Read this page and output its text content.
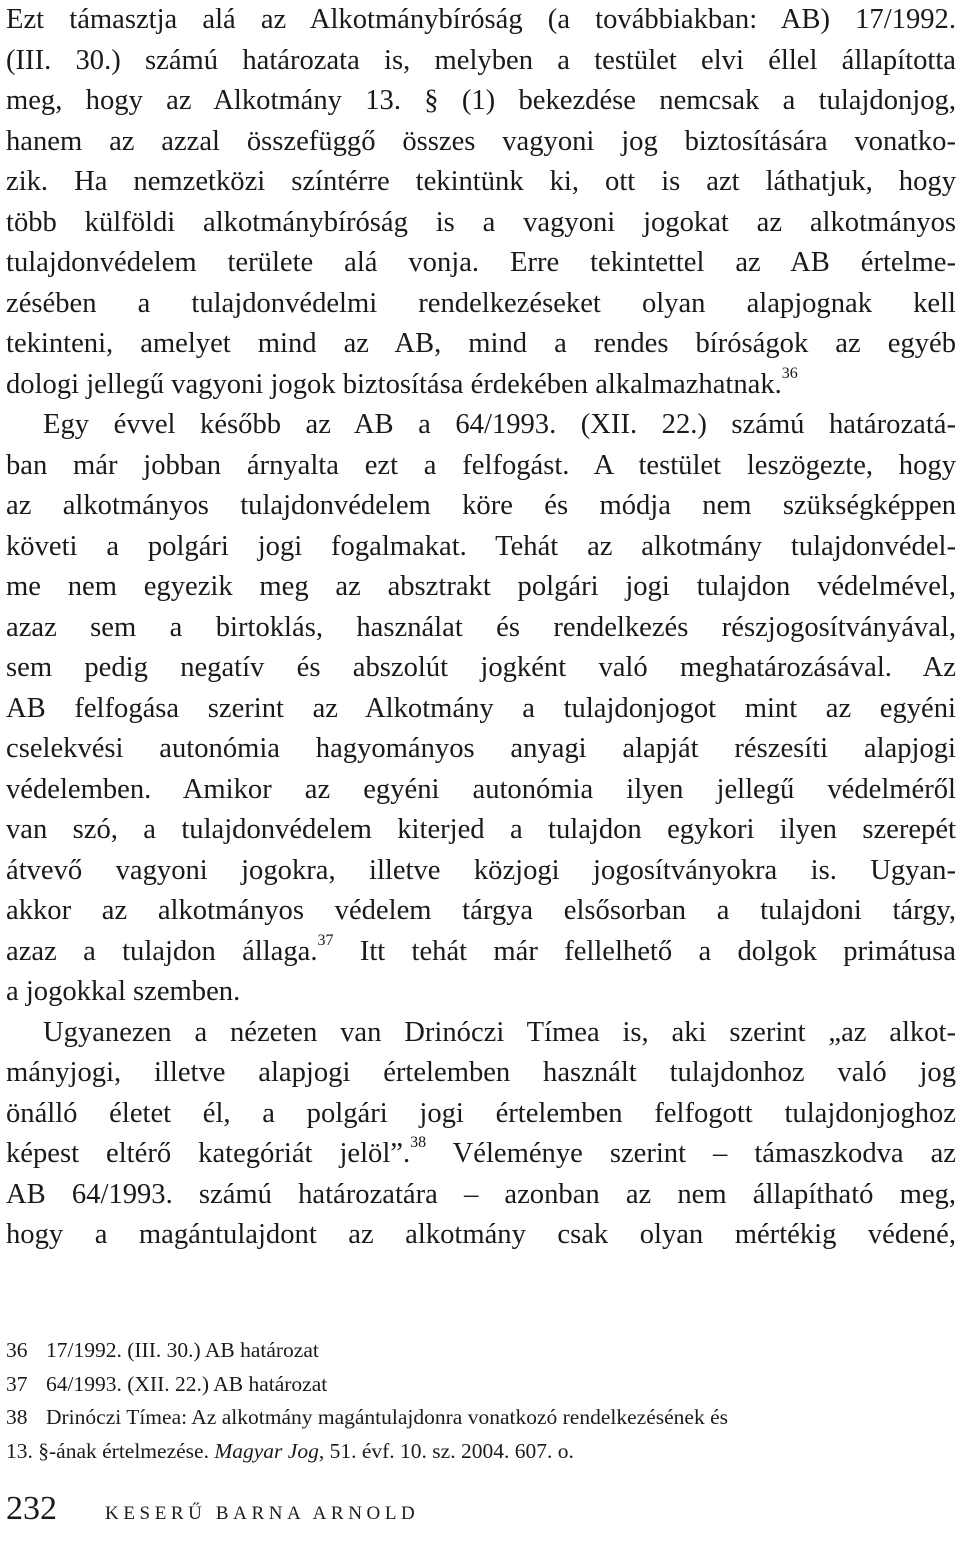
Ezt támasztja alá az Alkotmánybíróság (a továbbiakban: AB) 17/1992.
(III. 30.) számú határozata is, melyben a testület elvi éllel állapította
meg, hogy az Alkotmány 13. § (1) bekezdése nemcsak a tulajdonjog,
hanem az azzal összefüggő összes vagyoni jog biztosítására vonatko-
zik. Ha nemzetközi színtérre tekintünk ki, ott is azt láthatjuk, hogy
több külföldi alkotmánybíróság is a vagyoni jogokat az alkotmányos
tulajdonvédelem területe alá vonja. Erre tekintettel az AB értelme-
zésében a tulajdonvédelmi rendelkezéseket olyan alapjognak kell
tekinteni, amelyet mind az AB, mind a rendes bíróságok az egyéb
dologi jellegű vagyoni jogok biztosítása érdekében alkalmazhatnak.$^{36}$
Egy évvel később az AB a 64/1993. (XII. 22.) számú határozatá-
ban már jobban árnyalta ezt a felfogást. A testület leszögezte, hogy
az alkotmányos tulajdonvédelem köre és módja nem szükségképpen
követi a polgári jogi fogalmakat. Tehát az alkotmány tulajdonvédel-
me nem egyezik meg az absztrakt polgári jogi tulajdon védelmével,
azaz sem a birtoklás, használat és rendelkezés részjogosítványával,
sem pedig negatív és abszolút jogként való meghatározásával. Az
AB felfogása szerint az Alkotmány a tulajdonjogot mint az egyéni
cselekvési autonómia hagyományos anyagi alapját részesíti alapjogi
védelemben. Amikor az egyéni autonómia ilyen jellegű védelméről
van szó, a tulajdonvédelem kiterjed a tulajdon egykori ilyen szerepét
átvevő vagyoni jogokra, illetve közjogi jogosítványokra is. Ugyan-
akkor az alkotmányos védelem tárgya elsősorban a tulajdoni tárgy,
azaz a tulajdon állaga.$^{37}$ Itt tehát már fellelhető a dolgok primátusa
a jogokkal szemben.

Ugyanezen a nézeten van Drinóczi Tímea is, aki szerint „az alkot-
mányjogi, illetve alapjogi értelemben használt tulajdonhoz való jog
önálló életet él, a polgári jogi értelemben felfogott tulajdonjoghoz
képest eltérő kategóriát jelöl”.$^{38}$ Véleménye szerint – támaszkodva az
AB 64/1993. számú határozatára – azonban az nem állapítható meg,
hogy a magántulajdont az alkotmány csak olyan mértékig védené,

36 17/1992. (III. 30.) AB határozat
37 64/1993. (XII. 22.) AB határozat
38 Drinóczi Tímea: Az alkotmány magántulajdonra vonatkozó rendelkezésének és
13. §-ának értelmezése. Magyar Jog, 51. évf. 10. sz. 2004. 607. o.
232	KESERŰ BARNA ARNOLD
